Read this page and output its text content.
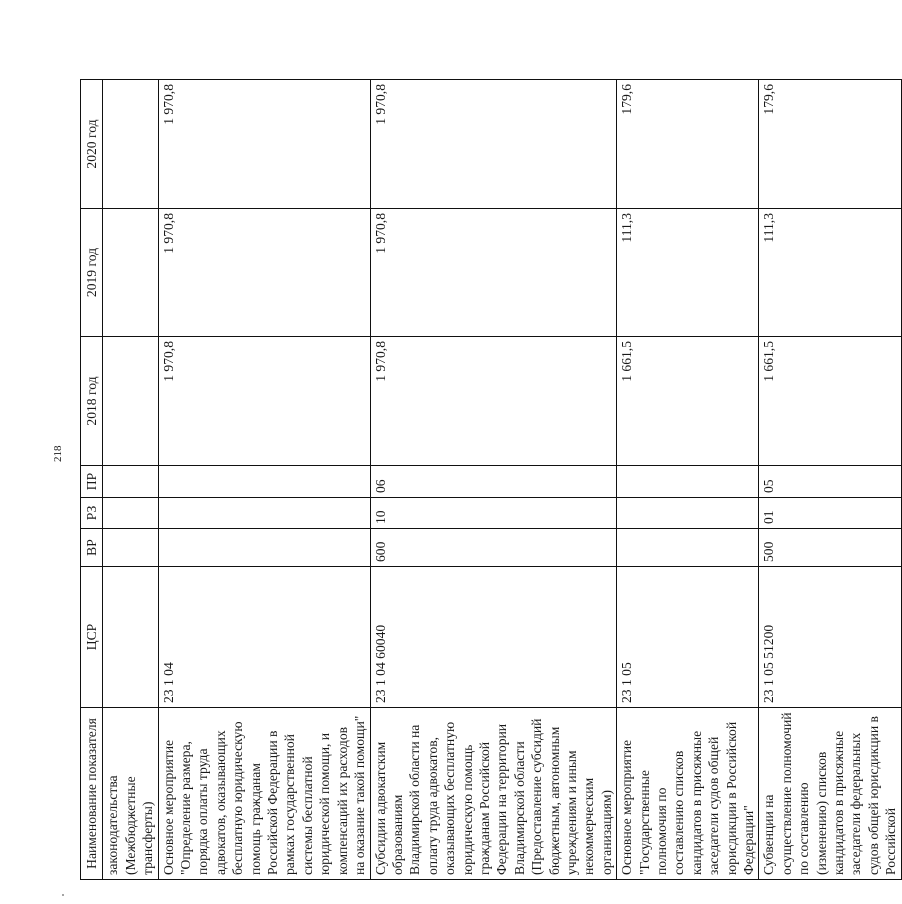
218
Наименование показателя	ЦСР	ВР	РЗ	ПР	2018 год	2019 год	2020 год
законодательства (Межбюджетные трансферты)							
Основное мероприятие "Определение размера, порядка оплаты труда адвокатов, оказывающих бесплатную юридическую помощь гражданам Российской Федерации в рамках государственной системы бесплатной юридической помощи, и компенсаций их расходов на оказание такой помощи"	23 1 04				1 970,8	1 970,8	1 970,8
Субсидии адвокатским образованиям Владимирской области на оплату труда адвокатов, оказывающих бесплатную юридическую помощь гражданам Российской Федерации на территории Владимирской области (Предоставление субсидий бюджетным, автономным учреждениям и иным некоммерческим организациям)	23 1 04 60040	600	10	06	1 970,8	1 970,8	1 970,8
Основное мероприятие "Государственные полномочия по составлению списков кандидатов в присяжные заседатели судов общей юрисдикции в Российской Федерации"	23 1 05				1 661,5	111,3	179,6
Субвенции на осуществление полномочий по составлению (изменению) списков кандидатов в присяжные заседатели федеральных судов общей юрисдикции в Российской	23 1 05 51200	500	01	05	1 661,5	111,3	179,6
